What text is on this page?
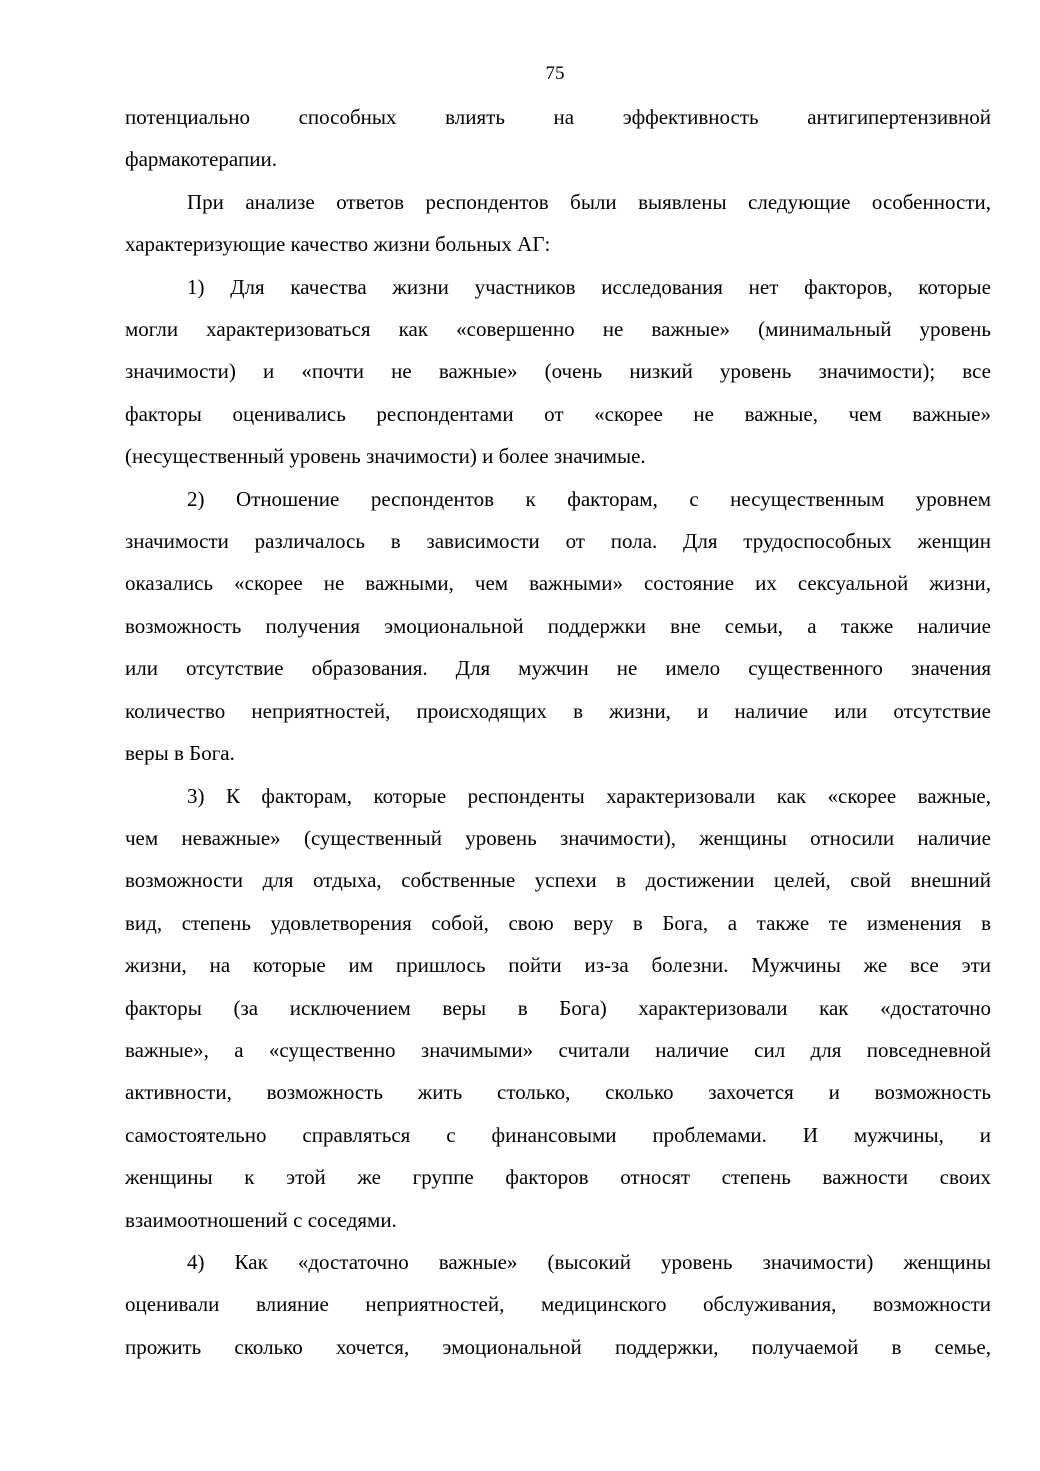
75
потенциально способных влиять на эффективность антигипертензивной
фармакотерапии.
При анализе ответов респондентов были выявлены следующие особенности,
характеризующие качество жизни больных АГ:
1) Для качества жизни участников исследования нет факторов, которые
могли характеризоваться как «совершенно не важные» (минимальный уровень
значимости) и «почти не важные» (очень низкий уровень значимости); все
факторы оценивались респондентами от «скорее не важные, чем важные»
(несущественный уровень значимости) и более значимые.
2) Отношение респондентов к факторам, с несущественным уровнем
значимости различалось в зависимости от пола. Для трудоспособных женщин
оказались «скорее не важными, чем важными» состояние их сексуальной жизни,
возможность получения эмоциональной поддержки вне семьи, а также наличие
или отсутствие образования. Для мужчин не имело существенного значения
количество неприятностей, происходящих в жизни, и наличие или отсутствие
веры в Бога.
3) К факторам, которые респонденты характеризовали как «скорее важные,
чем неважные» (существенный уровень значимости), женщины относили наличие
возможности для отдыха, собственные успехи в достижении целей, свой внешний
вид, степень удовлетворения собой, свою веру в Бога, а также те изменения в
жизни, на которые им пришлось пойти из-за болезни. Мужчины же все эти
факторы (за исключением веры в Бога) характеризовали как «достаточно
важные», а «существенно значимыми» считали наличие сил для повседневной
активности, возможность жить столько, сколько захочется и возможность
самостоятельно справляться с финансовыми проблемами. И мужчины, и
женщины к этой же группе факторов относят степень важности своих
взаимоотношений с соседями.
4) Как «достаточно важные» (высокий уровень значимости) женщины
оценивали влияние неприятностей, медицинского обслуживания, возможности
прожить сколько хочется, эмоциональной поддержки, получаемой в семье,
